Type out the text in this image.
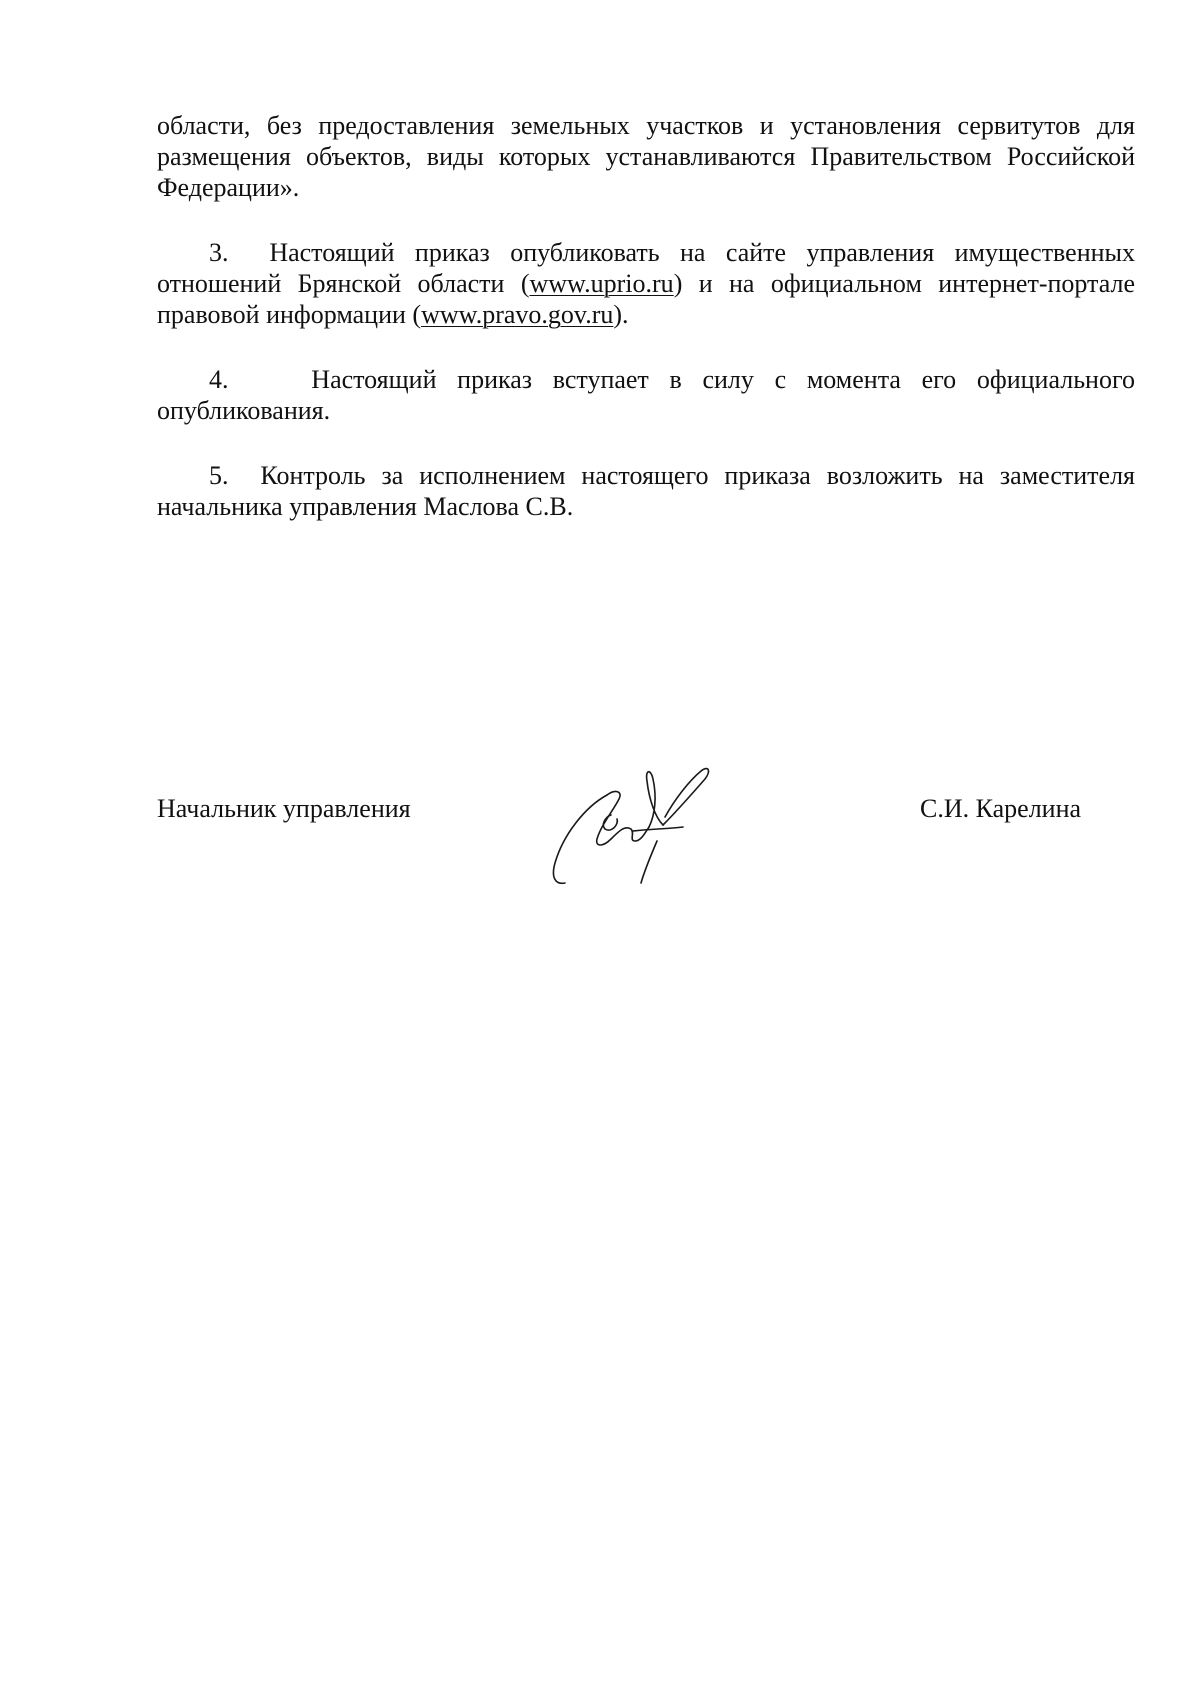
области, без предоставления земельных участков и установления сервитутов для размещения объектов, виды которых устанавливаются Правительством Российской Федерации».

3. Настоящий приказ опубликовать на сайте управления имущественных отношений Брянской области (www.uprio.ru) и на официальном интернет-портале правовой информации (www.pravo.gov.ru).

4.	Настоящий приказ вступает в силу с момента его официального опубликования.

5. Контроль за исполнением настоящего приказа возложить на заместителя начальника управления Маслова С.В.

Начальник управления	С.И. Карелина
